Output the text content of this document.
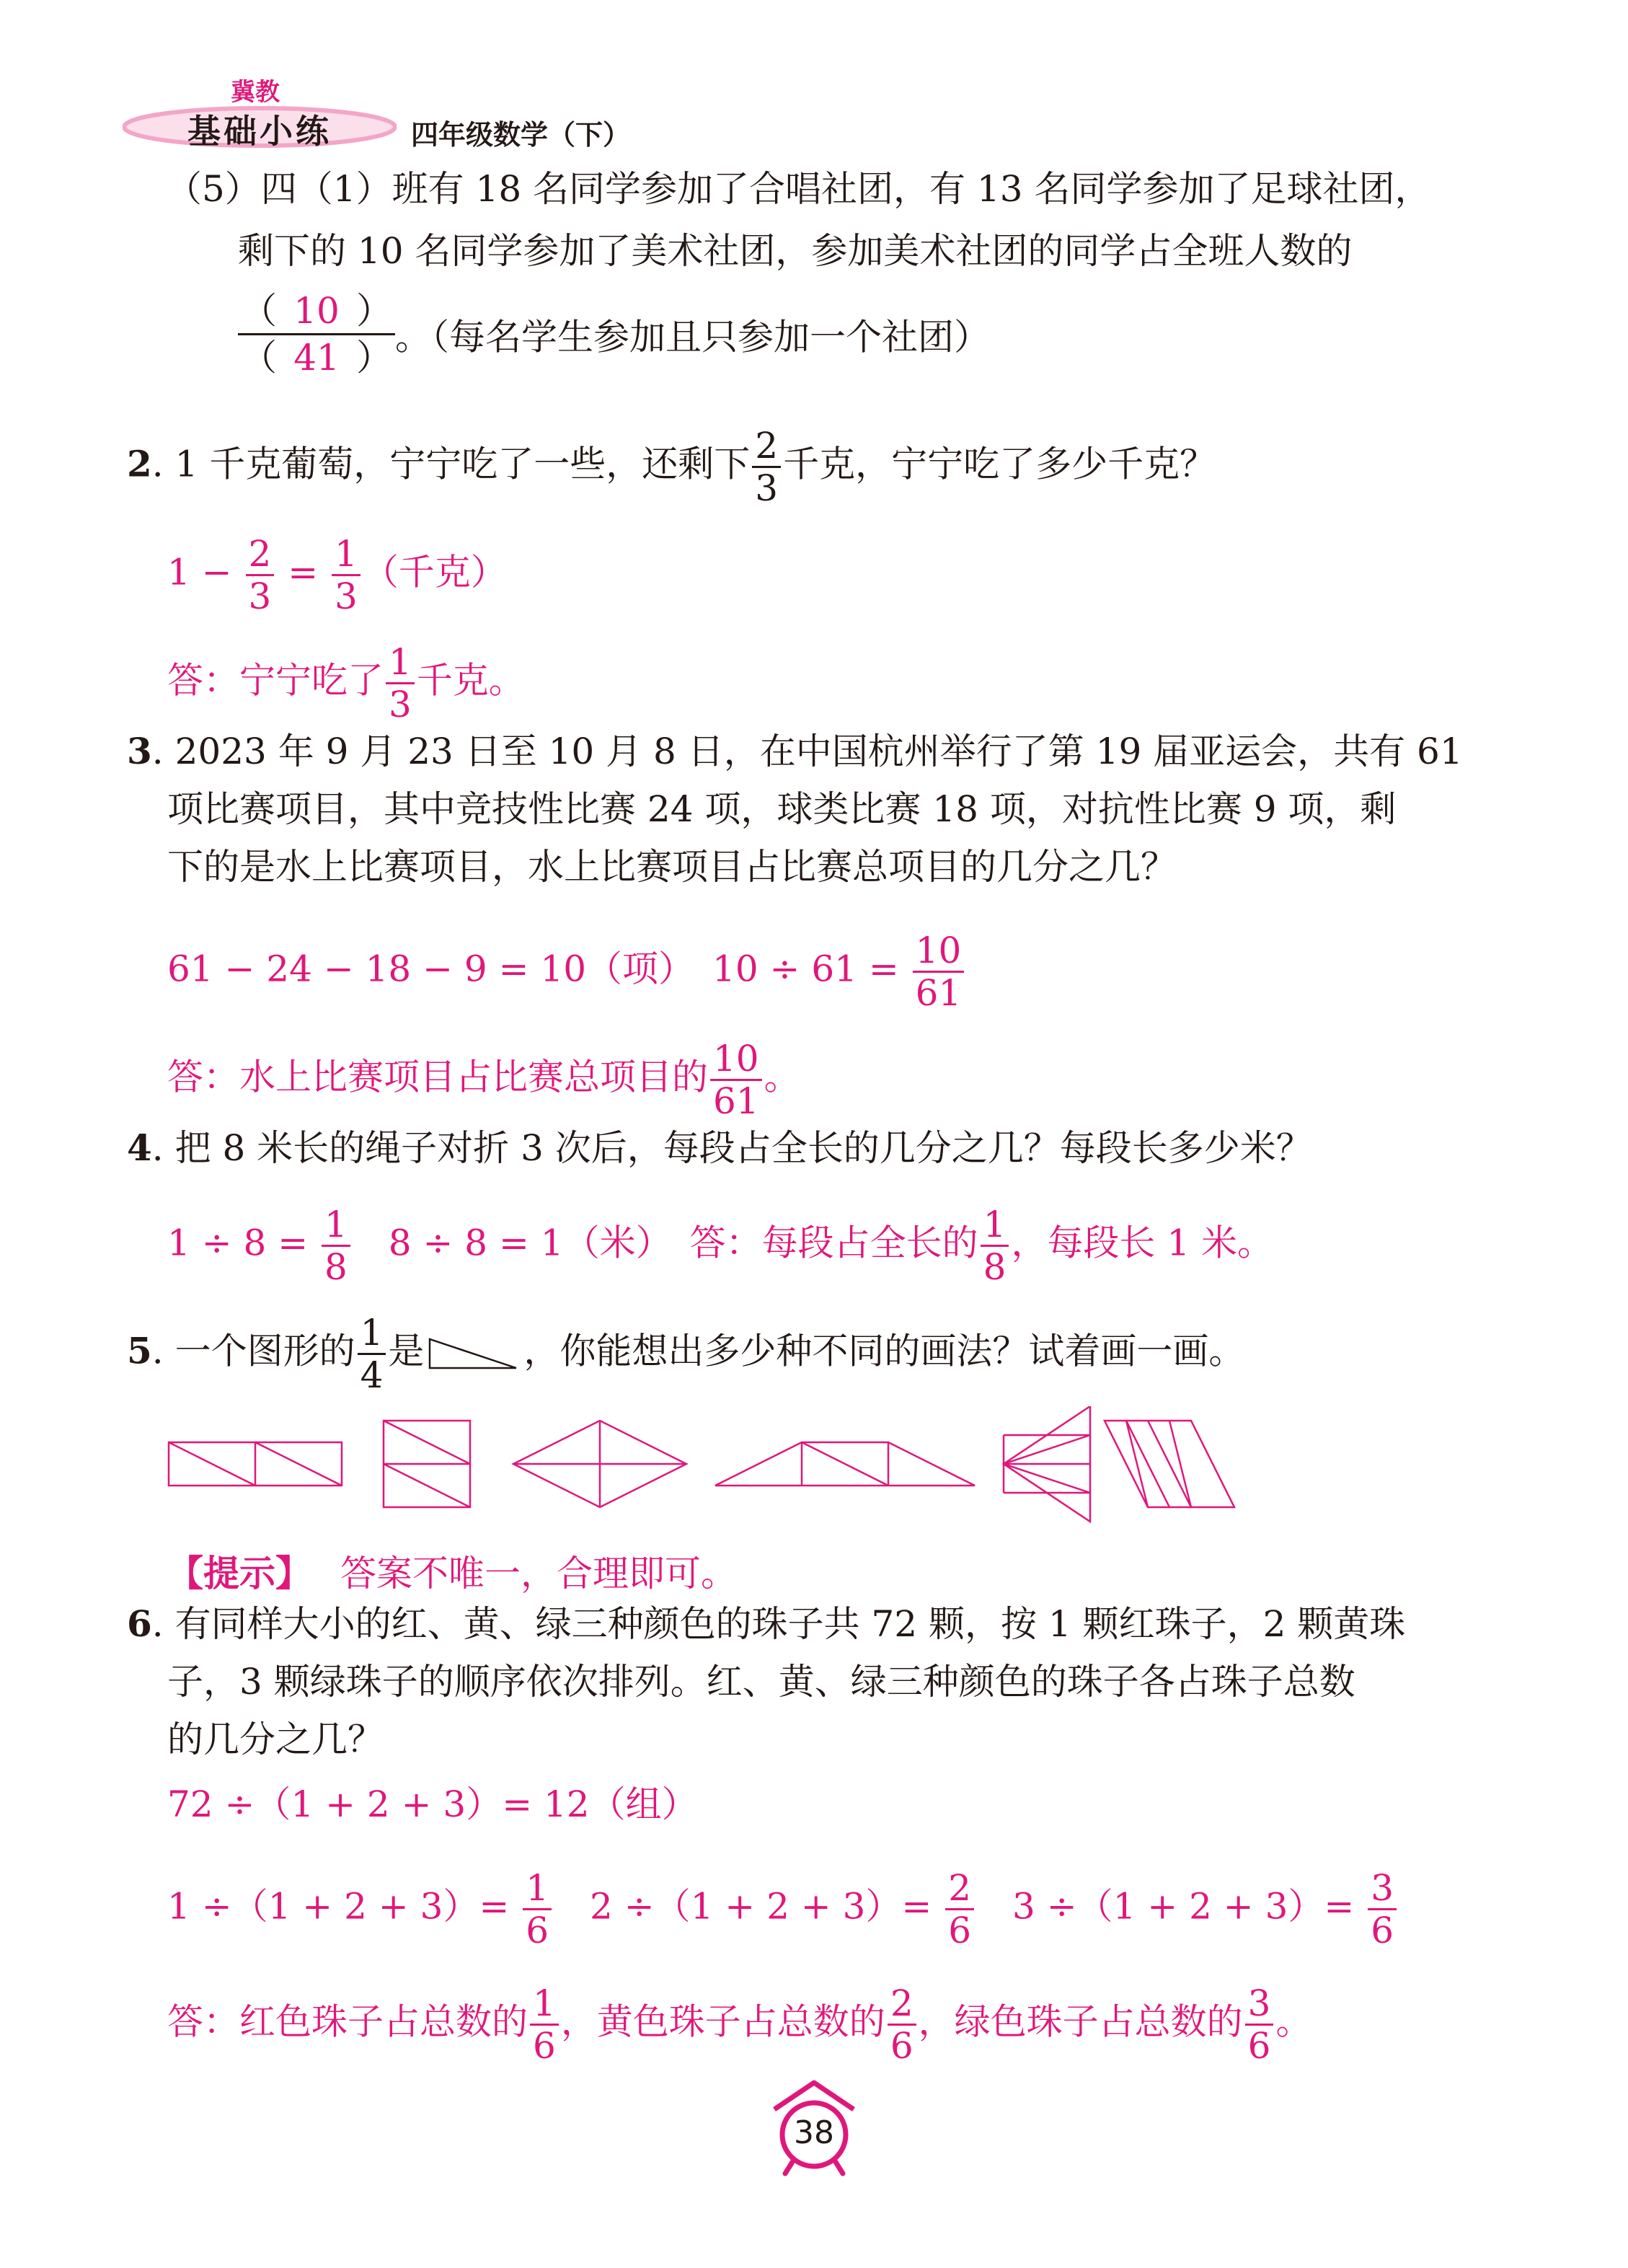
冀教
基础小练	四年级数学（下）
（5）四（1）班有 18 名同学参加了合唱社团，有 13 名同学参加了足球社团，
剩下的 10 名同学参加了美术社团，参加美术社团的同学占全班人数的
$\frac{( 10 )}{( 41 )}$ 。（每名学生参加且只参加一个社团）
2. 1 千克葡萄，宁宁吃了一些，还剩下 $\frac{2}{3}$ 千克，宁宁吃了多少千克？
$1 - \frac{2}{3} = \frac{1}{3}$ （千克）
答：宁宁吃了 $\frac{1}{3}$ 千克。
3. 2023 年 9 月 23 日至 10 月 8 日，在中国杭州举行了第 19 届亚运会，共有 61
项比赛项目，其中竞技性比赛 24 项，球类比赛 18 项，对抗性比赛 9 项，剩
下的是水上比赛项目，水上比赛项目占比赛总项目的几分之几？
61 − 24 − 18 − 9 = 10（项）　$10 \div 61 = \frac{10}{61}$
答：水上比赛项目占比赛总项目的 $\frac{10}{61}$ 。
4. 把 8 米长的绳子对折 3 次后，每段占全长的几分之几？每段长多少米？
$1 \div 8 = \frac{1}{8}$ 　8 ÷ 8 = 1（米）　答：每段占全长的 $\frac{1}{8}$ ，每段长 1 米。
5. 一个图形的 $\frac{1}{4}$ 是	，你能想出多少种不同的画法？试着画一画。
【提示】 答案不唯一，合理即可。
6. 有同样大小的红、黄、绿三种颜色的珠子共 72 颗，按 1 颗红珠子，2 颗黄珠
子，3 颗绿珠子的顺序依次排列。红、黄、绿三种颜色的珠子各占珠子总数
的几分之几？
72 ÷（1 + 2 + 3）= 12（组）
$1 \div(1 + 2 + 3)= \frac{1}{6}$ 　$2 \div(1 + 2 + 3)= \frac{2}{6}$ 　$3 \div(1 + 2 + 3)= \frac{3}{6}$
答：红色珠子占总数的 $\frac{1}{6}$ ，黄色珠子占总数的 $\frac{2}{6}$ ，绿色珠子占总数的 $\frac{3}{6}$ 。
38
